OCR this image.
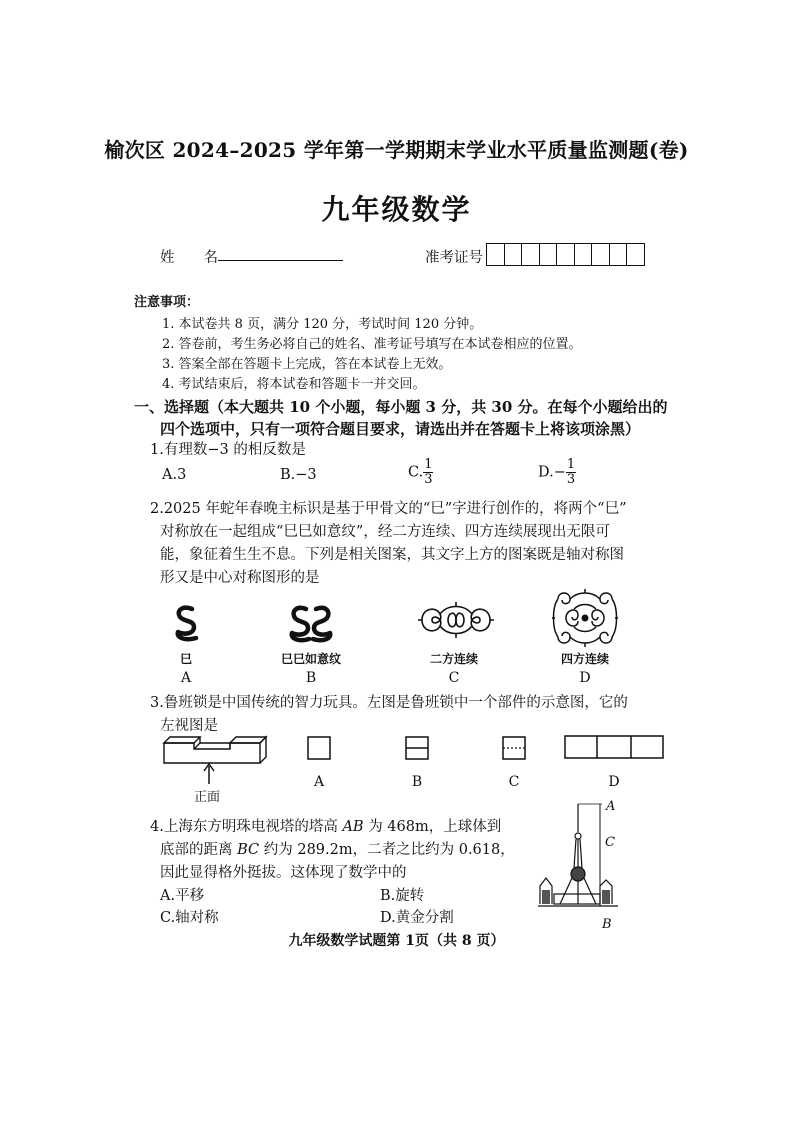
榆次区 2024–2025 学年第一学期期末学业水平质量监测题(卷)
九年级数学
姓　　名	准考证号
注意事项：
1. 本试卷共 8 页，满分 120 分，考试时间 120 分钟。
2. 答卷前，考生务必将自己的姓名、准考证号填写在本试卷相应的位置。
3. 答案全部在答题卡上完成，答在本试卷上无效。
4. 考试结束后，将本试卷和答题卡一并交回。
一、选择题（本大题共 10 个小题，每小题 3 分，共 30 分。在每个小题给出的
四个选项中，只有一项符合题目要求，请选出并在答题卡上将该项涂黑）
1.有理数−3 的相反数是
A.3	B.−3	C. $\frac{1}{3}$	$D.- \frac{1}{3}$
2.2025 年蛇年春晚主标识是基于甲骨文的“巳”字进行创作的，将两个“巳”
对称放在一起组成“巳巳如意纹”，经二方连续、四方连续展现出无限可
能，象征着生生不息。下列是相关图案，其文字上方的图案既是轴对称图
形又是中心对称图形的是
巳	巳巳如意纹	二方连续	四方连续
A	B	C	D
3.鲁班锁是中国传统的智力玩具。左图是鲁班锁中一个部件的示意图，它的
左视图是
正面
A	B	C	D
4.上海东方明珠电视塔的塔高 AB 为 468m，上球体到
底部的距离 BC 约为 289.2m，二者之比约为 0.618，
因此显得格外挺拔。这体现了数学中的
A.平移	B.旋转
C.轴对称	D.黄金分割
A
C
B
九年级数学试题第 1页（共 8 页）
